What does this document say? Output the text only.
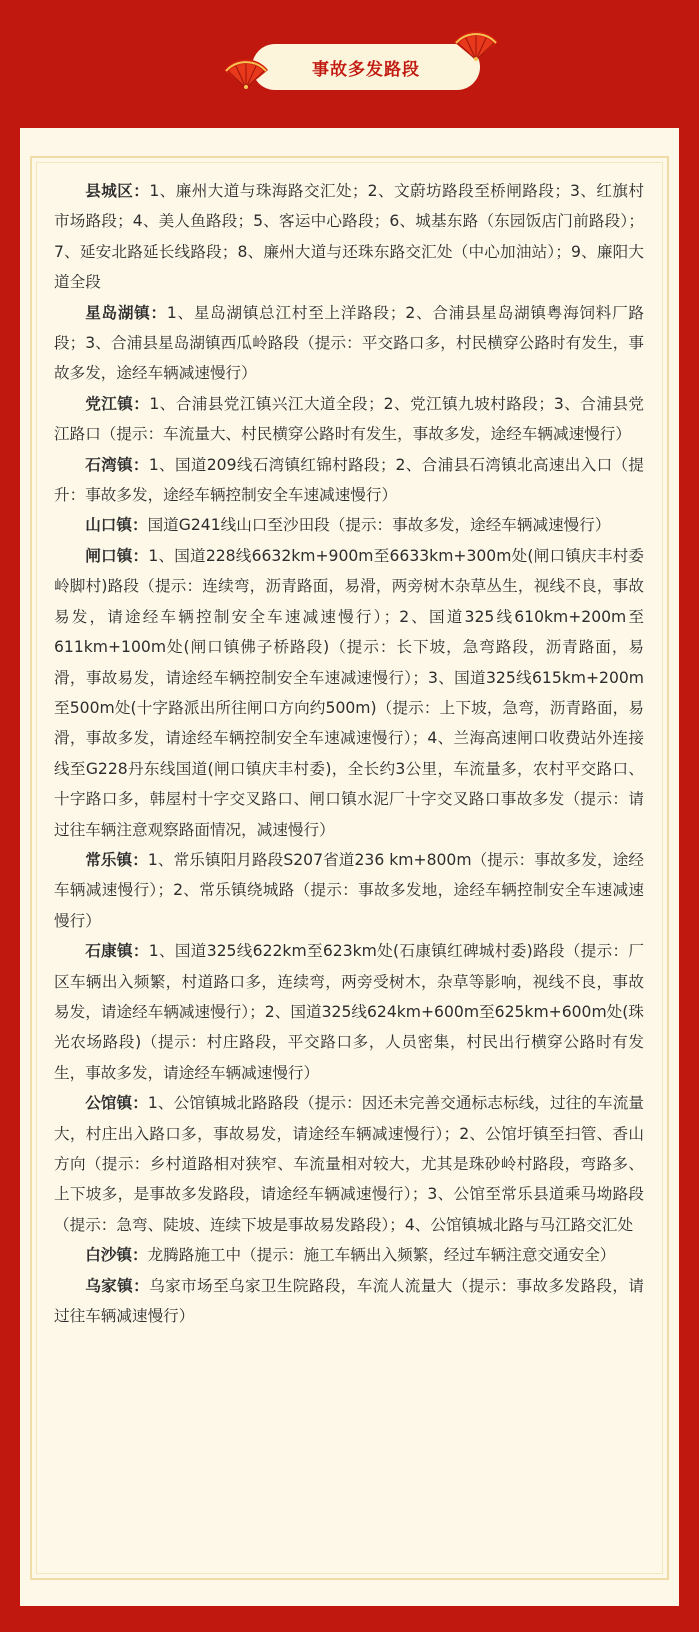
事故多发路段

县城区：1、廉州大道与珠海路交汇处；2、文蔚坊路段至桥闸路段；3、红旗村市场路段；4、美人鱼路段；5、客运中心路段；6、城基东路（东园饭店门前路段）；7、延安北路延长线路段；8、廉州大道与还珠东路交汇处（中心加油站）；9、廉阳大道全段

星岛湖镇：1、星岛湖镇总江村至上洋路段；2、合浦县星岛湖镇粤海饲料厂路段；3、合浦县星岛湖镇西瓜岭路段（提示：平交路口多，村民横穿公路时有发生，事故多发，途经车辆减速慢行）

党江镇：1、合浦县党江镇兴江大道全段；2、党江镇九坡村路段；3、合浦县党江路口（提示：车流量大、村民横穿公路时有发生，事故多发，途经车辆减速慢行）

石湾镇：1、国道209线石湾镇红锦村路段；2、合浦县石湾镇北高速出入口（提升：事故多发，途经车辆控制安全车速减速慢行）

山口镇：国道G241线山口至沙田段（提示：事故多发，途经车辆减速慢行）

闸口镇：1、国道228线6632km+900m至6633km+300m处(闸口镇庆丰村委岭脚村)路段（提示：连续弯，沥青路面，易滑，两旁树木杂草丛生，视线不良，事故易发，请途经车辆控制安全车速减速慢行）；2、国道325线610km+200m至611km+100m处(闸口镇佛子桥路段)（提示：长下坡，急弯路段，沥青路面，易滑，事故易发，请途经车辆控制安全车速减速慢行）；3、国道325线615km+200m至500m处(十字路派出所往闸口方向约500m)（提示：上下坡，急弯，沥青路面，易滑，事故多发，请途经车辆控制安全车速减速慢行）；4、兰海高速闸口收费站外连接线至G228丹东线国道(闸口镇庆丰村委)，全长约3公里，车流量多，农村平交路口、十字路口多，韩屋村十字交叉路口、闸口镇水泥厂十字交叉路口事故多发（提示：请过往车辆注意观察路面情况，减速慢行）

常乐镇：1、常乐镇阳月路段S207省道236 km+800m（提示：事故多发，途经车辆减速慢行）；2、常乐镇绕城路（提示：事故多发地，途经车辆控制安全车速减速慢行）

石康镇：1、国道325线622km至623km处(石康镇红碑城村委)路段（提示：厂区车辆出入频繁，村道路口多，连续弯，两旁受树木，杂草等影响，视线不良，事故易发，请途经车辆减速慢行）；2、国道325线624km+600m至625km+600m处(珠光农场路段)（提示：村庄路段，平交路口多，人员密集，村民出行横穿公路时有发生，事故多发，请途经车辆减速慢行）

公馆镇：1、公馆镇城北路路段（提示：因还未完善交通标志标线，过往的车流量大，村庄出入路口多，事故易发，请途经车辆减速慢行）；2、公馆圩镇至扫管、香山方向（提示：乡村道路相对狭窄、车流量相对较大，尤其是珠砂岭村路段，弯路多、上下坡多，是事故多发路段，请途经车辆减速慢行）；3、公馆至常乐县道乘马坳路段（提示：急弯、陡坡、连续下坡是事故易发路段）；4、公馆镇城北路与马江路交汇处

白沙镇：龙腾路施工中（提示：施工车辆出入频繁，经过车辆注意交通安全）

乌家镇：乌家市场至乌家卫生院路段，车流人流量大（提示：事故多发路段，请过往车辆减速慢行）
